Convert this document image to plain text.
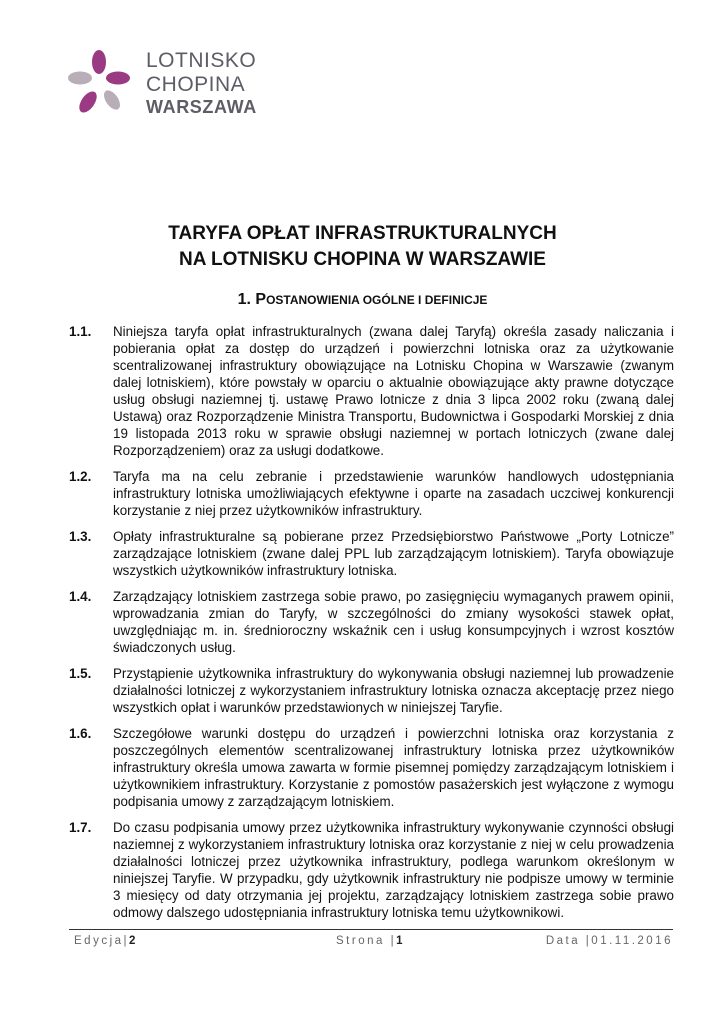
LOTNISKO
CHOPINA
WARSZAWA
TARYFA OPŁAT INFRASTRUKTURALNYCH
NA LOTNISKU CHOPINA W WARSZAWIE
1. POSTANOWIENIA OGÓLNE I DEFINICJE
1.1.	Niniejsza taryfa opłat infrastrukturalnych (zwana dalej Taryfą) określa zasady naliczania i pobierania opłat za dostęp do urządzeń i powierzchni lotniska oraz za użytkowanie scentralizowanej infrastruktury obowiązujące na Lotnisku Chopina w Warszawie (zwanym dalej lotniskiem), które powstały w oparciu o aktualnie obowiązujące akty prawne dotyczące usług obsługi naziemnej tj. ustawę Prawo lotnicze z dnia 3 lipca 2002 roku (zwaną dalej Ustawą) oraz Rozporządzenie Ministra Transportu, Budownictwa i Gospodarki Morskiej z dnia 19 listopada 2013 roku w sprawie obsługi naziemnej w portach lotniczych (zwane dalej Rozporządzeniem) oraz za usługi dodatkowe.
1.2.	Taryfa ma na celu zebranie i przedstawienie warunków handlowych udostępniania infrastruktury lotniska umożliwiających efektywne i oparte na zasadach uczciwej konkurencji korzystanie z niej przez użytkowników infrastruktury.
1.3.	Opłaty infrastrukturalne są pobierane przez Przedsiębiorstwo Państwowe „Porty Lotnicze” zarządzające lotniskiem (zwane dalej PPL lub zarządzającym lotniskiem). Taryfa obowiązuje wszystkich użytkowników infrastruktury lotniska.
1.4.	Zarządzający lotniskiem zastrzega sobie prawo, po zasięgnięciu wymaganych prawem opinii, wprowadzania zmian do Taryfy, w szczególności do zmiany wysokości stawek opłat, uwzględniając m. in. średnioroczny wskaźnik cen i usług konsumpcyjnych i wzrost kosztów świadczonych usług.
1.5.	Przystąpienie użytkownika infrastruktury do wykonywania obsługi naziemnej lub prowadzenie działalności lotniczej z wykorzystaniem infrastruktury lotniska oznacza akceptację przez niego wszystkich opłat i warunków przedstawionych w niniejszej Taryfie.
1.6.	Szczegółowe warunki dostępu do urządzeń i powierzchni lotniska oraz korzystania z poszczególnych elementów scentralizowanej infrastruktury lotniska przez użytkowników infrastruktury określa umowa zawarta w formie pisemnej pomiędzy zarządzającym lotniskiem i użytkownikiem infrastruktury. Korzystanie z pomostów pasażerskich jest wyłączone z wymogu podpisania umowy z zarządzającym lotniskiem.
1.7.	Do czasu podpisania umowy przez użytkownika infrastruktury wykonywanie czynności obsługi naziemnej z wykorzystaniem infrastruktury lotniska oraz korzystanie z niej w celu prowadzenia działalności lotniczej przez użytkownika infrastruktury, podlega warunkom określonym w niniejszej Taryfie. W przypadku, gdy użytkownik infrastruktury nie podpisze umowy w terminie 3 miesięcy od daty otrzymania jej projektu, zarządzający lotniskiem zastrzega sobie prawo odmowy dalszego udostępniania infrastruktury lotniska temu użytkownikowi.
Edycja|2	Strona |1	Data |01.11.2016
